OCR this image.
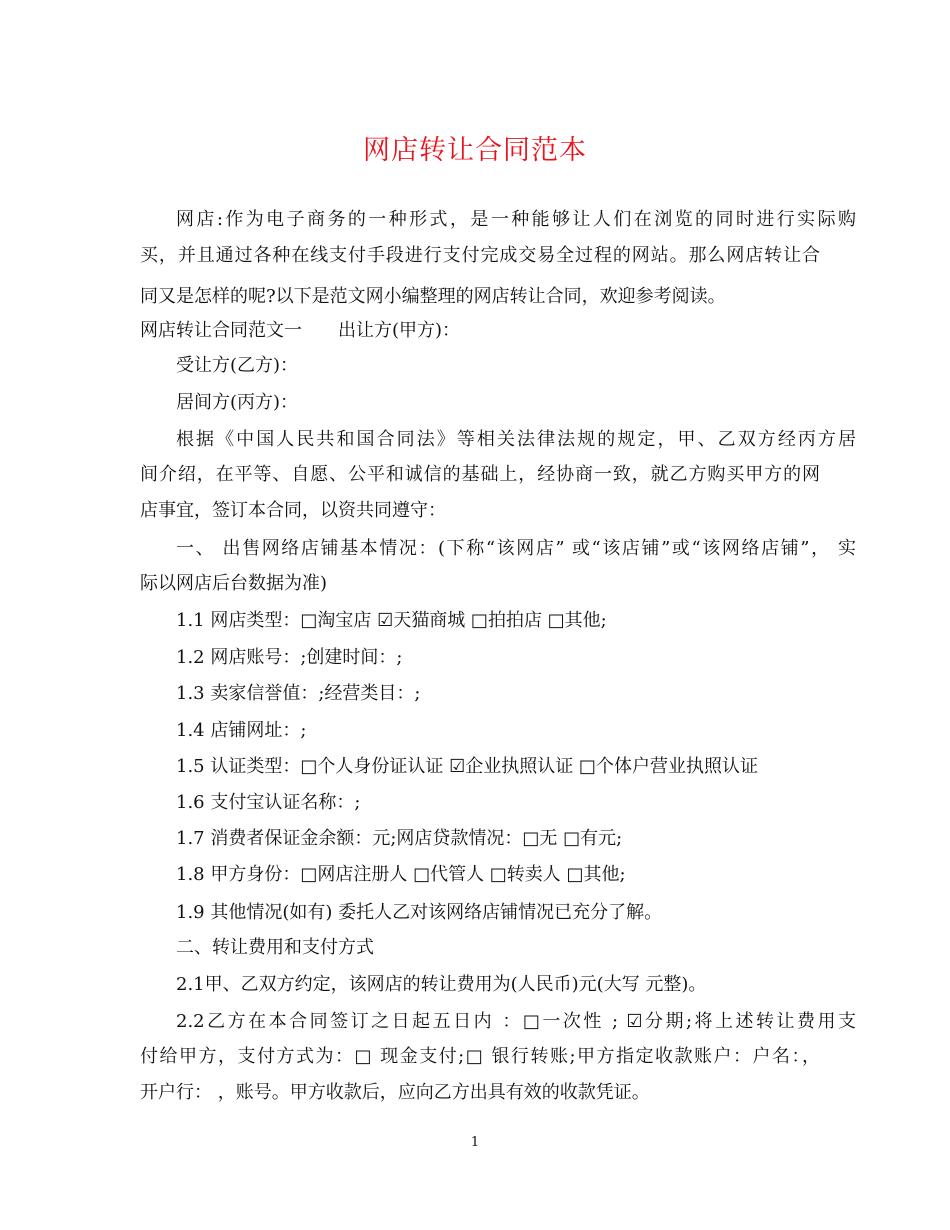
网店转让合同范本
网店:作为电子商务的一种形式，是一种能够让人们在浏览的同时进行实际购
买，并且通过各种在线支付手段进行支付完成交易全过程的网站。那么网店转让合
同又是怎样的呢?以下是范文网小编整理的网店转让合同，欢迎参考阅读。
网店转让合同范文一　　出让方(甲方)：
受让方(乙方)：
居间方(丙方)：
根据《中国人民共和国合同法》等相关法律法规的规定，甲、乙双方经丙方居
间介绍，在平等、自愿、公平和诚信的基础上，经协商一致，就乙方购买甲方的网
店事宜，签订本合同，以资共同遵守：
一、 出售网络店铺基本情况：(下称“该网店” 或“该店铺”或“该网络店铺”， 实
际以网店后台数据为准)
1.1 网店类型：□淘宝店 ☑天猫商城 □拍拍店 □其他;
1.2 网店账号：;创建时间：;
1.3 卖家信誉值：;经营类目：;
1.4 店铺网址：;
1.5 认证类型：□个人身份证认证 ☑企业执照认证 □个体户营业执照认证
1.6 支付宝认证名称：;
1.7 消费者保证金余额：元;网店贷款情况：□无 □有元;
1.8 甲方身份：□网店注册人 □代管人 □转卖人 □其他;
1.9 其他情况(如有) 委托人乙对该网络店铺情况已充分了解。
二、转让费用和支付方式
2.1甲、乙双方约定，该网店的转让费用为(人民币)元(大写 元整)。
2.2乙方在本合同签订之日起五日内 ：□一次性 ; ☑分期;将上述转让费用支
付给甲方，支付方式为：□ 现金支付;□ 银行转账;甲方指定收款账户：户名：，
开户行： ，账号。甲方收款后，应向乙方出具有效的收款凭证。
1
